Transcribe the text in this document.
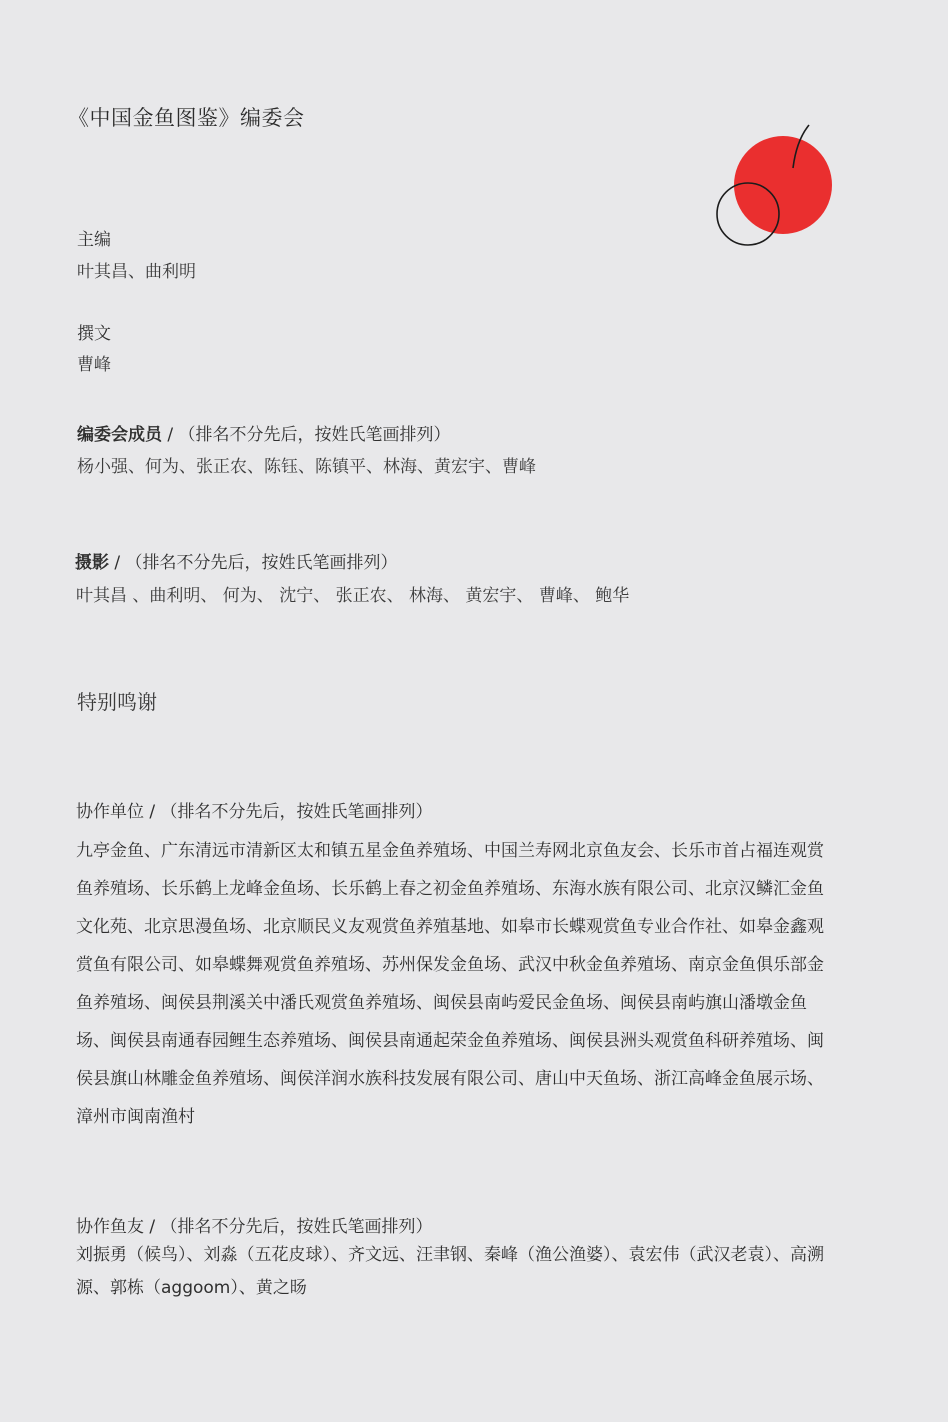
《中国金鱼图鉴》编委会
主编
叶其昌、曲利明
撰文
曹峰
编委会成员 / （排名不分先后，按姓氏笔画排列）
杨小强、何为、张正农、陈钰、陈镇平、林海、黄宏宇、曹峰
摄影 / （排名不分先后，按姓氏笔画排列）
叶其昌 、曲利明、 何为、 沈宁、 张正农、 林海、 黄宏宇、 曹峰、 鲍华
特别鸣谢
协作单位 / （排名不分先后，按姓氏笔画排列）
九亭金鱼、广东清远市清新区太和镇五星金鱼养殖场、中国兰寿网北京鱼友会、长乐市首占福连观赏鱼养殖场、长乐鹤上龙峰金鱼场、长乐鹤上春之初金鱼养殖场、东海水族有限公司、北京汉鳞汇金鱼文化苑、北京思漫鱼场、北京顺民义友观赏鱼养殖基地、如皋市长蝶观赏鱼专业合作社、如皋金鑫观赏鱼有限公司、如皋蝶舞观赏鱼养殖场、苏州保发金鱼场、武汉中秋金鱼养殖场、南京金鱼俱乐部金鱼养殖场、闽侯县荆溪关中潘氏观赏鱼养殖场、闽侯县南屿爱民金鱼场、闽侯县南屿旗山潘墩金鱼场、闽侯县南通春园鲤生态养殖场、闽侯县南通起荣金鱼养殖场、闽侯县洲头观赏鱼科研养殖场、闽侯县旗山林雕金鱼养殖场、闽侯洋润水族科技发展有限公司、唐山中天鱼场、浙江高峰金鱼展示场、漳州市闽南渔村
协作鱼友 / （排名不分先后，按姓氏笔画排列）
刘振勇（候鸟）、刘淼（五花皮球）、齐文远、汪聿钢、秦峰（渔公渔婆）、袁宏伟（武汉老袁）、高溯源、郭栋（aggoom）、黄之旸
